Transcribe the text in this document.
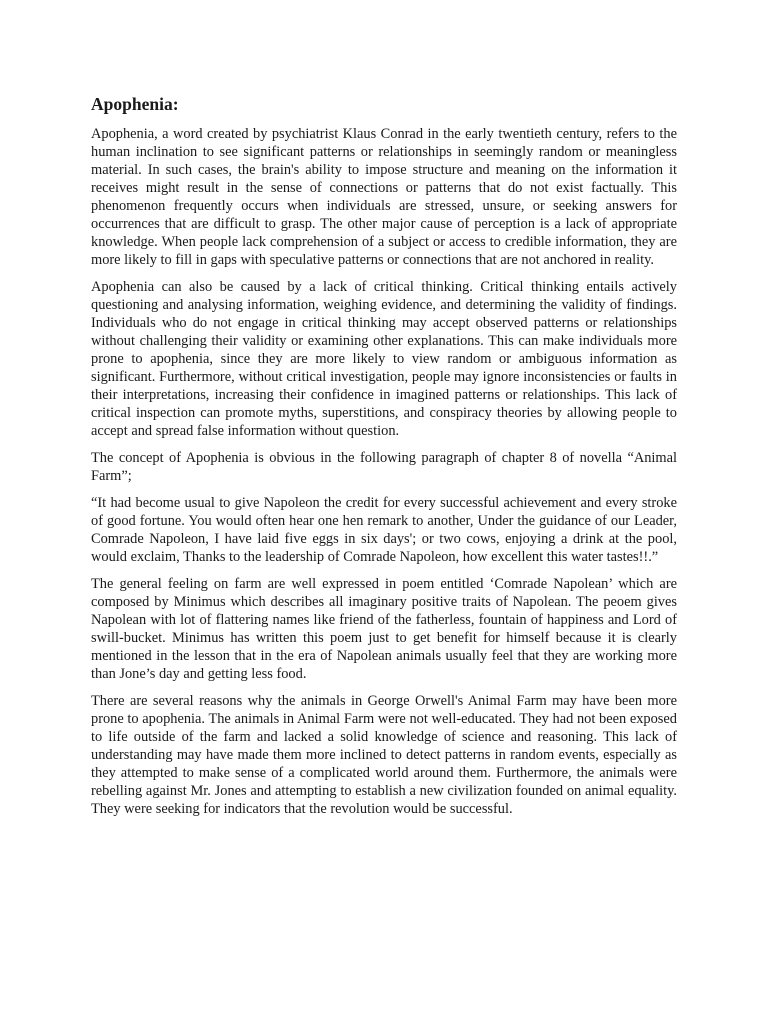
Apophenia:

Apophenia, a word created by psychiatrist Klaus Conrad in the early twentieth century, refers to the human inclination to see significant patterns or relationships in seemingly random or meaningless material. In such cases, the brain's ability to impose structure and meaning on the information it receives might result in the sense of connections or patterns that do not exist factually. This phenomenon frequently occurs when individuals are stressed, unsure, or seeking answers for occurrences that are difficult to grasp. The other major cause of perception is a lack of appropriate knowledge. When people lack comprehension of a subject or access to credible information, they are more likely to fill in gaps with speculative patterns or connections that are not anchored in reality.

Apophenia can also be caused by a lack of critical thinking. Critical thinking entails actively questioning and analysing information, weighing evidence, and determining the validity of findings. Individuals who do not engage in critical thinking may accept observed patterns or relationships without challenging their validity or examining other explanations. This can make individuals more prone to apophenia, since they are more likely to view random or ambiguous information as significant. Furthermore, without critical investigation, people may ignore inconsistencies or faults in their interpretations, increasing their confidence in imagined patterns or relationships. This lack of critical inspection can promote myths, superstitions, and conspiracy theories by allowing people to accept and spread false information without question.

The concept of Apophenia is obvious in the following paragraph of chapter 8 of novella “Animal Farm”;

“It had become usual to give Napoleon the credit for every successful achievement and every stroke of good fortune. You would often hear one hen remark to another, Under the guidance of our Leader, Comrade Napoleon, I have laid five eggs in six days'; or two cows, enjoying a drink at the pool, would exclaim, Thanks to the leadership of Comrade Napoleon, how excellent this water tastes!!.”

The general feeling on farm are well expressed in poem entitled ‘Comrade Napolean’ which are composed by Minimus which describes all imaginary positive traits of Napolean. The peoem gives Napolean with lot of flattering names like friend of the fatherless, fountain of happiness and Lord of swill-bucket. Minimus has written this poem just to get benefit for himself because it is clearly mentioned in the lesson that in the era of Napolean animals usually feel that they are working more than Jone’s day and getting less food.

There are several reasons why the animals in George Orwell's Animal Farm may have been more prone to apophenia. The animals in Animal Farm were not well-educated. They had not been exposed to life outside of the farm and lacked a solid knowledge of science and reasoning. This lack of understanding may have made them more inclined to detect patterns in random events, especially as they attempted to make sense of a complicated world around them. Furthermore, the animals were rebelling against Mr. Jones and attempting to establish a new civilization founded on animal equality. They were seeking for indicators that the revolution would be successful.
